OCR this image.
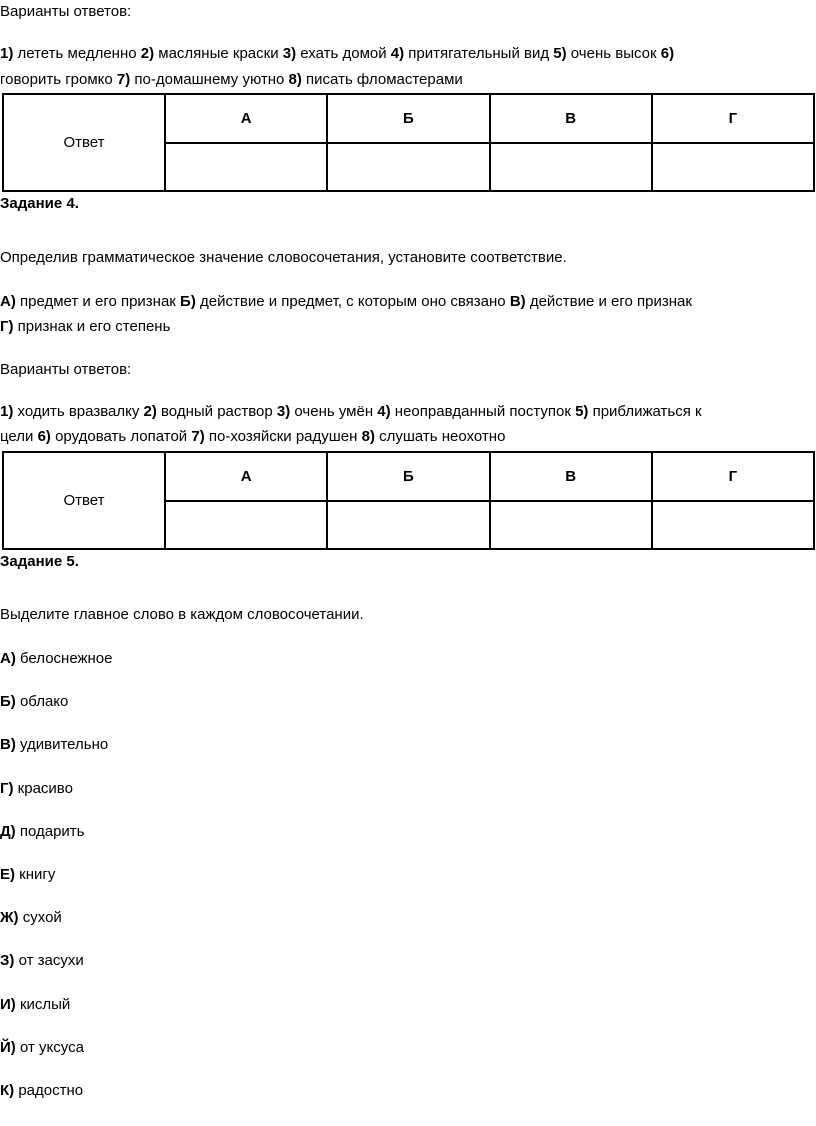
Варианты ответов:
1) лететь медленно 2) масляные краски 3) ехать домой 4) притягательный вид 5) очень высок 6)
говорить громко 7) по-домашнему уютно 8) писать фломастерами
Ответ	А	Б	В	Г

Задание 4.
Определив грамматическое значение словосочетания, установите соответствие.
А) предмет и его признак Б) действие и предмет, с которым оно связано В) действие и его признак
Г) признак и его степень
Варианты ответов:
1) ходить вразвалку 2) водный раствор 3) очень умён 4) неоправданный поступок 5) приближаться к
цели 6) орудовать лопатой 7) по-хозяйски радушен 8) слушать неохотно
Ответ	А	Б	В	Г

Задание 5.
Выделите главное слово в каждом словосочетании.
А) белоснежное
Б) облако
В) удивительно
Г) красиво
Д) подарить
Е) книгу
Ж) сухой
З) от засухи
И) кислый
Й) от уксуса
К) радостно
